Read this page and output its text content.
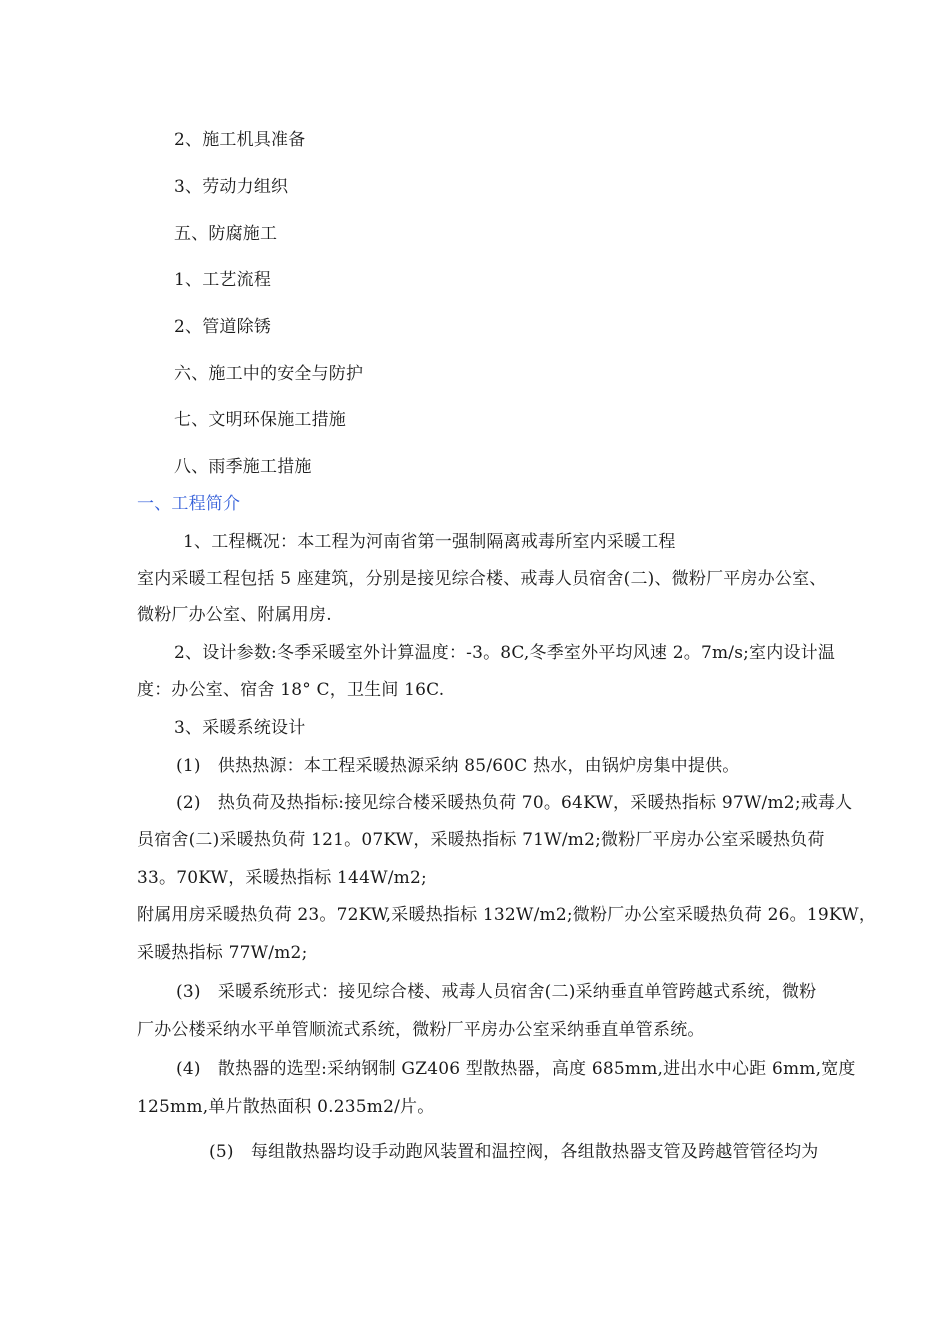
2、施工机具准备
3、劳动力组织
五、防腐施工
1、工艺流程
2、管道除锈
六、施工中的安全与防护
七、文明环保施工措施
八、雨季施工措施
一、工程简介
1、工程概况：本工程为河南省第一强制隔离戒毒所室内采暖工程
室内采暖工程包括 5 座建筑，分别是接见综合楼、戒毒人员宿舍(二)、微粉厂平房办公室、
微粉厂办公室、附属用房.
2、设计参数:冬季采暖室外计算温度：-3。8C,冬季室外平均风速 2。7m/s;室内设计温
度：办公室、宿舍 18° C，卫生间 16C.
3、采暖系统设计
(1)　供热热源：本工程采暖热源采纳 85/60C 热水，由锅炉房集中提供。
(2)　热负荷及热指标:接见综合楼采暖热负荷 70。64KW，采暖热指标 97W/m2;戒毒人
员宿舍(二)采暖热负荷 121。07KW，采暖热指标 71W/m2;微粉厂平房办公室采暖热负荷
33。70KW，采暖热指标 144W/m2;
附属用房采暖热负荷 23。72KW,采暖热指标 132W/m2;微粉厂办公室采暖热负荷 26。19KW，
采暖热指标 77W/m2;
(3)　采暖系统形式：接见综合楼、戒毒人员宿舍(二)采纳垂直单管跨越式系统，微粉
厂办公楼采纳水平单管顺流式系统，微粉厂平房办公室采纳垂直单管系统。
(4)　散热器的选型:采纳钢制 GZ406 型散热器，高度 685mm,进出水中心距 6mm,宽度
125mm,单片散热面积 0.235m2/片。
(5)　每组散热器均设手动跑风装置和温控阀，各组散热器支管及跨越管管径均为
